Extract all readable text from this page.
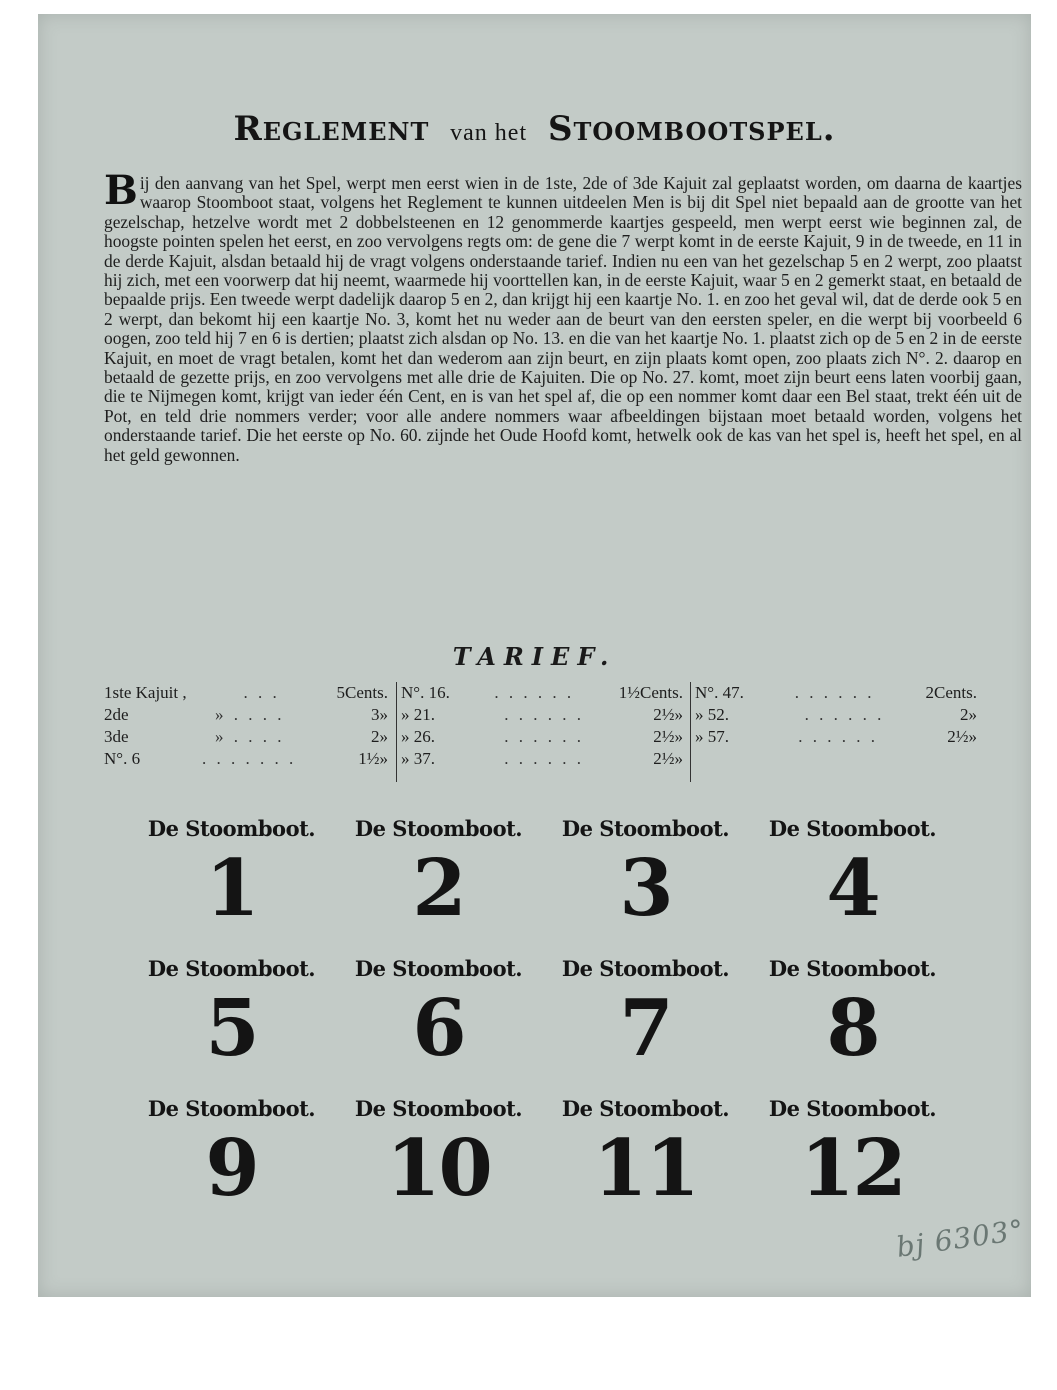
Reglement van het Stoombootspel.
Bij den aanvang van het Spel, werpt men eerst wien in de 1ste, 2de of 3de Kajuit zal geplaatst worden, om daarna de kaartjes waarop Stoomboot staat, volgens het Reglement te kunnen uitdeelen Men is bij dit Spel niet bepaald aan de grootte van het gezelschap, hetzelve wordt met 2 dobbelsteenen en 12 genommerde kaartjes gespeeld, men werpt eerst wie beginnen zal, de hoogste pointen spelen het eerst, en zoo vervolgens regts om: de gene die 7 werpt komt in de eerste Kajuit, 9 in de tweede, en 11 in de derde Kajuit, alsdan betaald hij de vragt volgens onderstaande tarief. Indien nu een van het gezelschap 5 en 2 werpt, zoo plaatst hij zich, met een voorwerp dat hij neemt, waarmede hij voorttellen kan, in de eerste Kajuit, waar 5 en 2 gemerkt staat, en betaald de bepaalde prijs. Een tweede werpt dadelijk daarop 5 en 2, dan krijgt hij een kaartje No. 1. en zoo het geval wil, dat de derde ook 5 en 2 werpt, dan bekomt hij een kaartje No. 3, komt het nu weder aan de beurt van den eersten speler, en die werpt bij voorbeeld 6 oogen, zoo teld hij 7 en 6 is dertien; plaatst zich alsdan op No. 13. en die van het kaartje No. 1. plaatst zich op de 5 en 2 in de eerste Kajuit, en moet de vragt betalen, komt het dan wederom aan zijn beurt, en zijn plaats komt open, zoo plaats zich N°. 2. daarop en betaald de gezette prijs, en zoo vervolgens met alle drie de Kajuiten. Die op No. 27. komt, moet zijn beurt eens laten voorbij gaan, die te Nijmegen komt, krijgt van ieder één Cent, en is van het spel af, die op een nommer komt daar een Bel staat, trekt één uit de Pot, en teld drie nommers verder; voor alle andere nommers waar afbeeldingen bijstaan moet betaald worden, volgens het onderstaande tarief. Die het eerste op No. 60. zijnde het Oude Hoofd komt, hetwelk ook de kas van het spel is, heeft het spel, en al het geld gewonnen.
TARIEF.
1ste Kajuit ,	. . .	5 Cents.
2de	» . . . .	3 »
3de	» . . . .	2 »
N°. 6	. . . . . . .	1½ »
N°. 16.	. . . . . .	1½ Cents.
» 21.	. . . . . .	2½ »
» 26.	. . . . . .	2½ »
» 37.	. . . . . .	2½ »
N°. 47.	. . . . . .	2 Cents.
» 52.	. . . . . .	2 »
» 57.	. . . . . .	2½ »
De Stoomboot.
1
De Stoomboot.
2
De Stoomboot.
3
De Stoomboot.
4
De Stoomboot.
5
De Stoomboot.
6
De Stoomboot.
7
De Stoomboot.
8
De Stoomboot.
9
De Stoomboot.
10
De Stoomboot.
11
De Stoomboot.
12
bj 6303°
